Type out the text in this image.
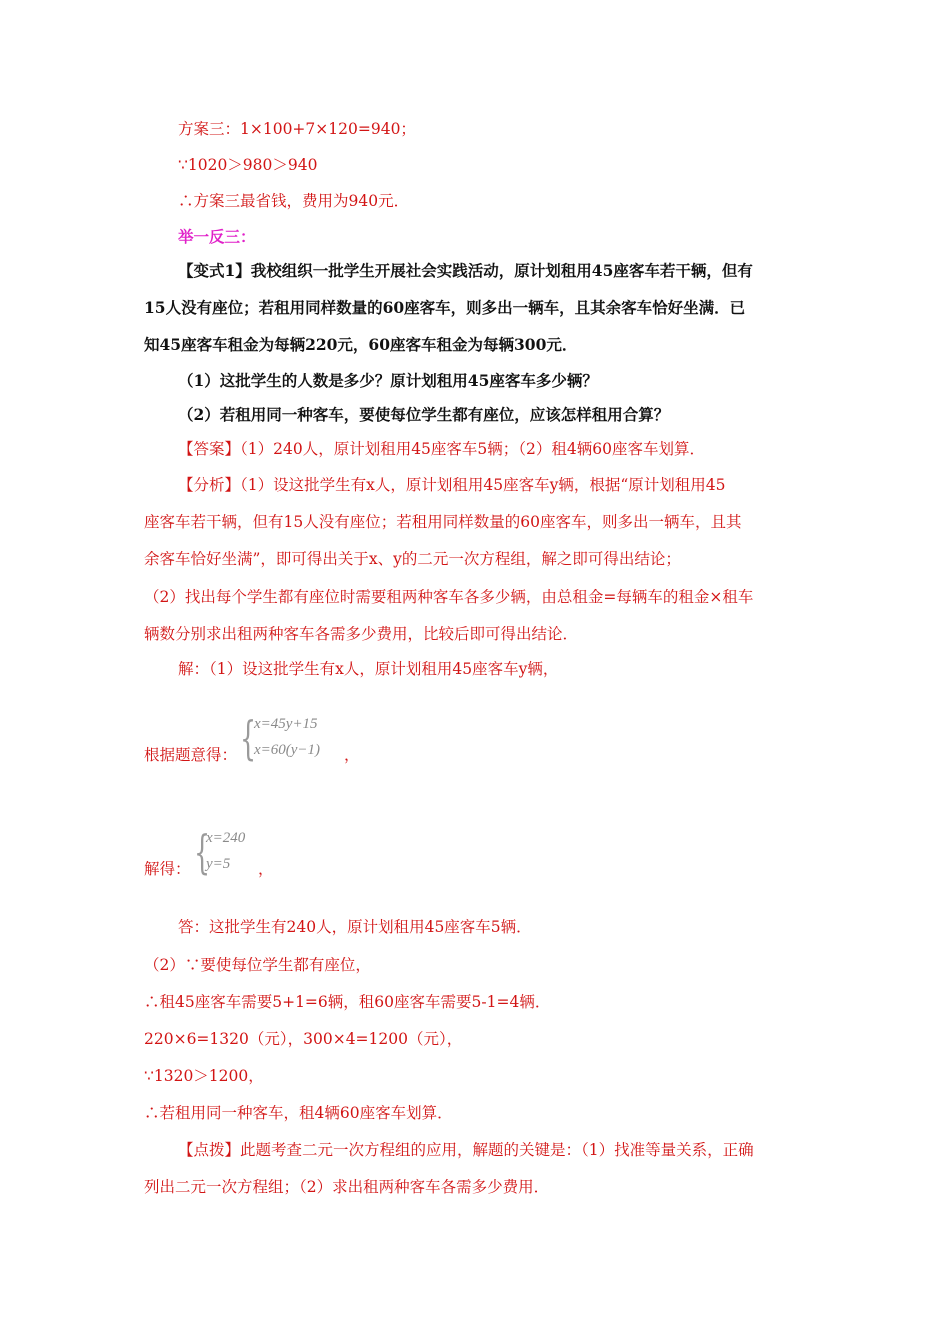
方案三：1×100+7×120=940；
∵1020＞980＞940
∴方案三最省钱，费用为940元．
举一反三：
【变式1】我校组织一批学生开展社会实践活动，原计划租用45座客车若干辆，但有
15人没有座位；若租用同样数量的60座客车，则多出一辆车，且其余客车恰好坐满．已
知45座客车租金为每辆220元，60座客车租金为每辆300元．
（1）这批学生的人数是多少？原计划租用45座客车多少辆？
（2）若租用同一种客车，要使每位学生都有座位，应该怎样租用合算？
【答案】（1）240人，原计划租用45座客车5辆；（2）租4辆60座客车划算．
【分析】（1）设这批学生有x人，原计划租用45座客车y辆，根据“原计划租用45
座客车若干辆，但有15人没有座位；若租用同样数量的60座客车，则多出一辆车，且其
余客车恰好坐满”，即可得出关于x、y的二元一次方程组，解之即可得出结论；
（2）找出每个学生都有座位时需要租两种客车各多少辆，由总租金=每辆车的租金×租车
辆数分别求出租两种客车各需多少费用，比较后即可得出结论．
解：（1）设这批学生有x人，原计划租用45座客车y辆，
根据题意得： {
x=45y+15
x=60(y−1) ，
解得： {
x=240
y=5 ，
答：这批学生有240人，原计划租用45座客车5辆．
（2）∵要使每位学生都有座位，
∴租45座客车需要5+1=6辆，租60座客车需要5-1=4辆．
220×6=1320（元），300×4=1200（元），
∵1320＞1200，
∴若租用同一种客车，租4辆60座客车划算．
【点拨】此题考查二元一次方程组的应用，解题的关键是：（1）找准等量关系，正确
列出二元一次方程组；（2）求出租两种客车各需多少费用．
